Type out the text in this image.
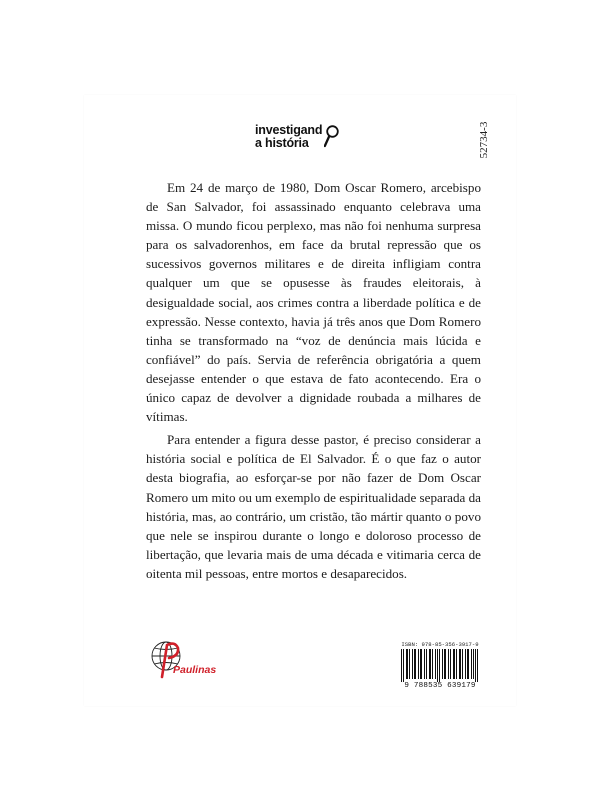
investigand
a história	52734-3

Em 24 de março de 1980, Dom Oscar Romero, arcebispo de San Salvador, foi assassinado enquanto celebrava uma missa. O mundo ficou perplexo, mas não foi nenhuma surpresa para os salvadorenhos, em face da brutal repressão que os sucessivos governos militares e de direita infligiam contra qualquer um que se opusesse às fraudes eleitorais, à desigualdade social, aos crimes contra a liberdade política e de expressão. Nesse contexto, havia já três anos que Dom Romero tinha se transformado na “voz de denúncia mais lúcida e confiável” do país. Servia de referência obrigatória a quem desejasse entender o que estava de fato acontecendo. Era o único capaz de devolver a dignidade roubada a milhares de vítimas.

Para entender a figura desse pastor, é preciso considerar a história social e política de El Salvador. É o que faz o autor desta biografia, ao esforçar-se por não fazer de Dom Oscar Romero um mito ou um exemplo de espiritualidade separada da história, mas, ao contrário, um cristão, tão mártir quanto o povo que nele se inspirou durante o longo e doloroso processo de libertação, que levaria mais de uma década e vitimaria cerca de oitenta mil pessoas, entre mortos e desaparecidos.

Paulinas
ISBN: 978-85-356-3917-9
9 788535 639179
